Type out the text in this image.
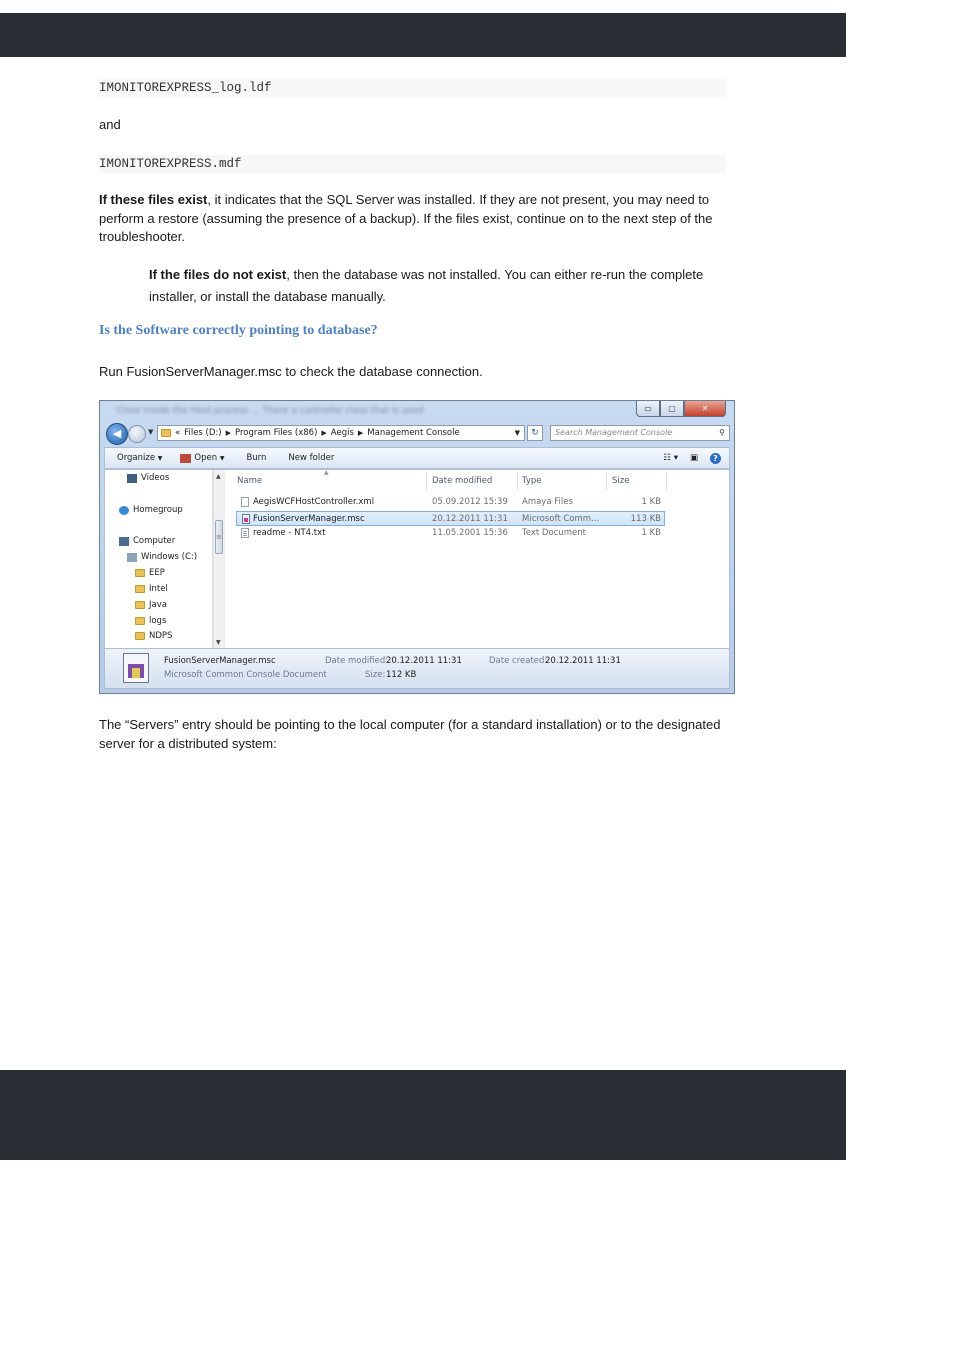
IMONITOREXPRESS_log.ldf
and
IMONITOREXPRESS.mdf
If these files exist, it indicates that the SQL Server was installed. If they are not present, you may need to perform a restore (assuming the presence of a backup). If the files exist, continue on to the next step of the troubleshooter.
If the files do not exist, then the database was not installed. You can either re-run the complete installer, or install the database manually.
Is the Software correctly pointing to database?
Run FusionServerManager.msc to check the database connection.
Close inside the Host process ... There a controller class that is used	▭	▢	✕
◀	▼	« Files (D:) ▶ Program Files (x86) ▶ Aegis ▶ Management Console	▼	↻	Search Management Console	⚲
Organize
▼	Open
▼	Burn	New folder	☷ ▾ ▣	?
Videos
Homegroup
Computer
Windows (C:)
EEP
Intel
Java
logs
NDPS
▲
≡
▼
▲
Name	Date modified	Type	Size
AegisWCFHostController.xml	05.09.2012 15:39 Amaya Files	1 KB
FusionServerManager.msc	20.12.2011 11:31 Microsoft Comm...	113 KB
readme - NT4.txt	11.05.2001 15:36 Text Document	1 KB
FusionServerManager.msc
Microsoft Common Console Document
Date modified:
20.12.2011 11:31
Size: 112 KB
Date created:
20.12.2011 11:31
The “Servers” entry should be pointing to the local computer (for a standard installation) or to the designated server for a distributed system:
